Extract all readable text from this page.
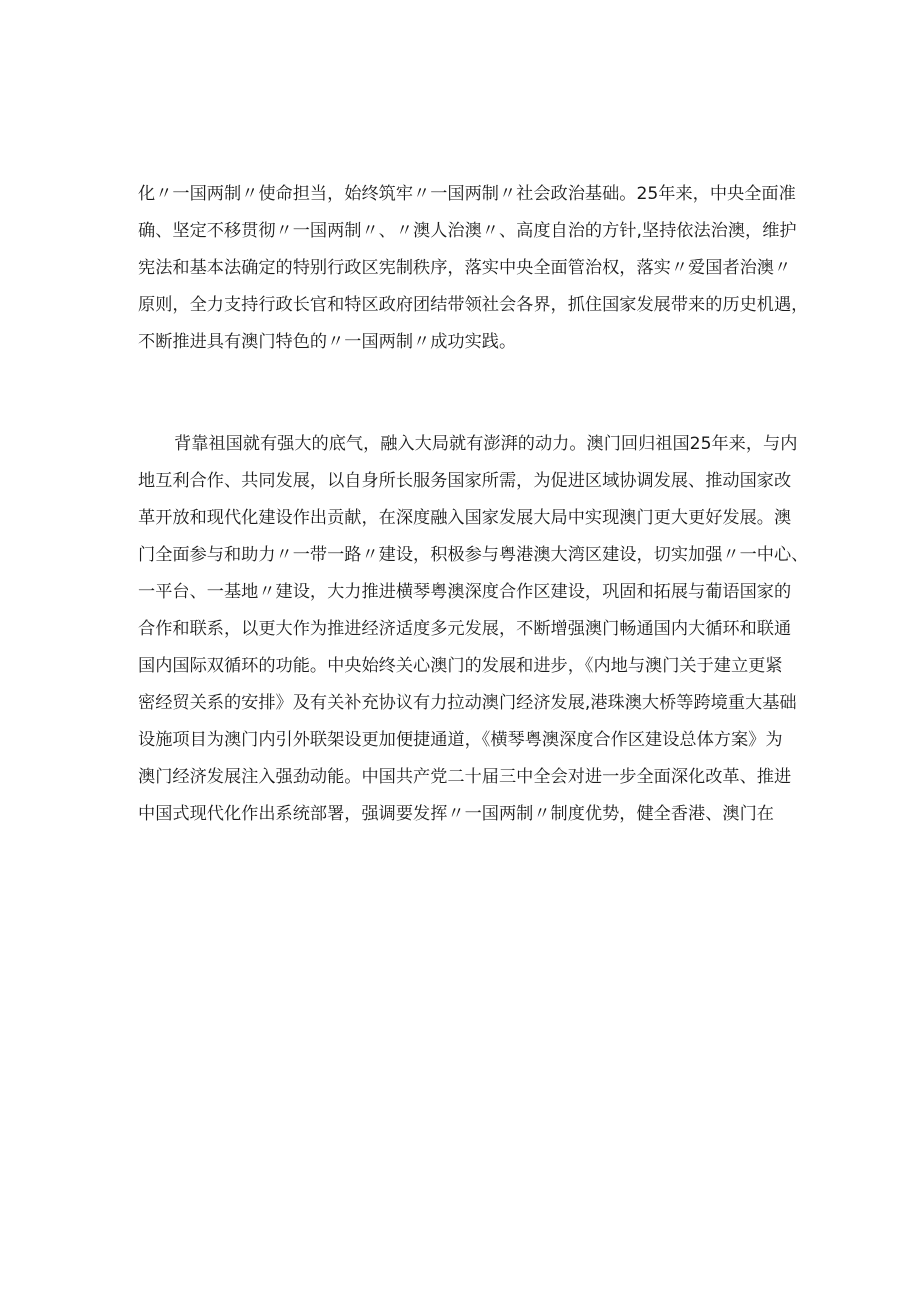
化〃一国两制〃使命担当，始终筑牢〃一国两制〃社会政治基础。25年来，中央全面准
确、坚定不移贯彻〃一国两制〃、〃澳人治澳〃、高度自治的方针,坚持依法治澳，维护
宪法和基本法确定的特别行政区宪制秩序，落实中央全面管治权，落实〃爱国者治澳〃
原则，全力支持行政长官和特区政府团结带领社会各界，抓住国家发展带来的历史机遇，
不断推进具有澳门特色的〃一国两制〃成功实践。
背靠祖国就有强大的底气，融入大局就有澎湃的动力。澳门回归祖国25年来，与内
地互利合作、共同发展，以自身所长服务国家所需，为促进区域协调发展、推动国家改
革开放和现代化建设作出贡献，在深度融入国家发展大局中实现澳门更大更好发展。澳
门全面参与和助力〃一带一路〃建设，积极参与粤港澳大湾区建设，切实加强〃一中心、
一平台、一基地〃建设，大力推进横琴粤澳深度合作区建设，巩固和拓展与葡语国家的
合作和联系，以更大作为推进经济适度多元发展，不断增强澳门畅通国内大循环和联通
国内国际双循环的功能。中央始终关心澳门的发展和进步，《内地与澳门关于建立更紧
密经贸关系的安排》及有关补充协议有力拉动澳门经济发展,港珠澳大桥等跨境重大基础
设施项目为澳门内引外联架设更加便捷通道，《横琴粤澳深度合作区建设总体方案》为
澳门经济发展注入强劲动能。中国共产党二十届三中全会对进一步全面深化改革、推进
中国式现代化作出系统部署，强调要发挥〃一国两制〃制度优势，健全香港、澳门在
